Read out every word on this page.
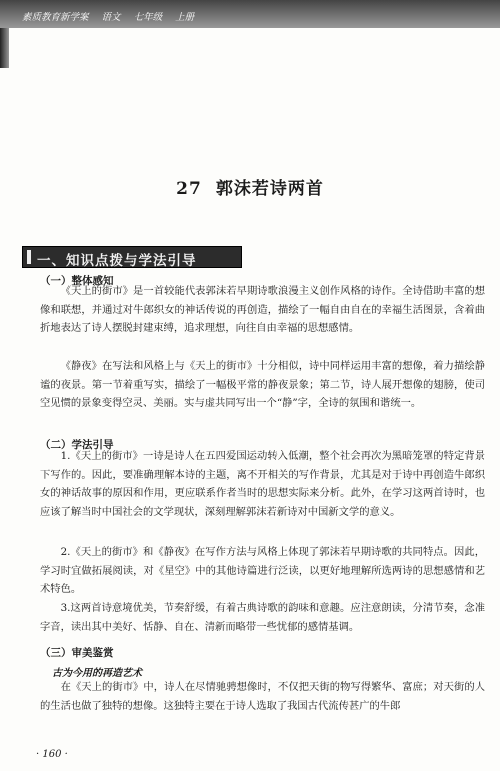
素质教育新学案 语文 七年级 上册
27 郭沫若诗两首
一、知识点拨与学法引导
（一）整体感知

《天上的街市》是一首较能代表郭沫若早期诗歌浪漫主义创作风格的诗作。全诗借助丰富的想像和联想，并通过对牛郎织女的神话传说的再创造，描绘了一幅自由自在的幸福生活图景，含着曲折地表达了诗人摆脱封建束缚，追求理想，向往自由幸福的思想感情。

《静夜》在写法和风格上与《天上的街市》十分相似，诗中同样运用丰富的想像，着力描绘静谧的夜景。第一节着重写实，描绘了一幅极平常的静夜景象；第二节，诗人展开想像的翅膀，使司空见惯的景象变得空灵、美丽。实与虚共同写出一个“静”字，全诗的氛围和谐统一。

（二）学法引导

1.《天上的街市》一诗是诗人在五四爱国运动转入低潮，整个社会再次为黑暗笼罩的特定背景下写作的。因此，要准确理解本诗的主题，离不开相关的写作背景，尤其是对于诗中再创造牛郎织女的神话故事的原因和作用，更应联系作者当时的思想实际来分析。此外，在学习这两首诗时，也应该了解当时中国社会的文学现状，深刻理解郭沫若新诗对中国新文学的意义。

2.《天上的街市》和《静夜》在写作方法与风格上体现了郭沫若早期诗歌的共同特点。因此，学习时宜做拓展阅读，对《星空》中的其他诗篇进行泛读，以更好地理解所选两诗的思想感情和艺术特色。

3.这两首诗意境优美，节奏舒缓，有着古典诗歌的韵味和意趣。应注意朗读，分清节奏，念准字音，读出其中美好、恬静、自在、清新而略带一些忧郁的感情基调。

（三）审美鉴赏
古为今用的再造艺术

在《天上的街市》中，诗人在尽情驰骋想像时，不仅把天街的物写得繁华、富庶；对天街的人的生活也做了独特的想像。这独特主要在于诗人选取了我国古代流传甚广的牛郎

· 160 ·
